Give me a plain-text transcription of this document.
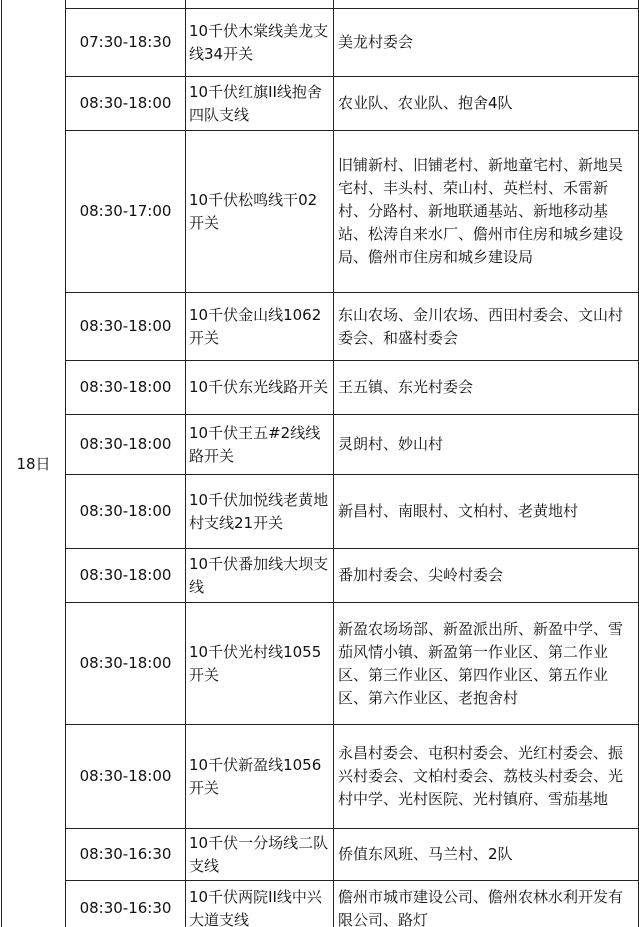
18日			
	07:30-18:30	10千伏木棠线美龙支线34开关	美龙村委会
	08:30-18:00	10千伏红旗II线抱舍四队支线	农业队、农业队、抱舍4队
	08:30-17:00	10千伏松鸣线干02开关	旧铺新村、旧铺老村、新地童宅村、新地吴宅村、丰头村、荣山村、英栏村、禾雷新村、分路村、新地联通基站、新地移动基站、松涛自来水厂、儋州市住房和城乡建设局、儋州市住房和城乡建设局
	08:30-18:00	10千伏金山线1062开关	东山农场、金川农场、西田村委会、文山村委会、和盛村委会
	08:30-18:00	10千伏东光线路开关	王五镇、东光村委会
	08:30-18:00	10千伏王五#2线线路开关	灵朗村、妙山村
	08:30-18:00	10千伏加悦线老黄地村支线21开关	新昌村、南眼村、文柏村、老黄地村
	08:30-18:00	10千伏番加线大坝支线	番加村委会、尖岭村委会
	08:30-18:00	10千伏光村线1055开关	新盈农场场部、新盈派出所、新盈中学、雪茄风情小镇、新盈第一作业区、第二作业区、第三作业区、第四作业区、第五作业区、第六作业区、老抱舍村
	08:30-18:00	10千伏新盈线1056开关	永昌村委会、屯积村委会、光红村委会、振兴村委会、文柏村委会、荔枝头村委会、光村中学、光村医院、光村镇府、雪茄基地
	08:30-16:30	10千伏一分场线二队支线	侨值东风班、马兰村、2队
	08:30-16:30	10千伏两院II线中兴大道支线	儋州市城市建设公司、儋州农林水利开发有限公司、路灯
